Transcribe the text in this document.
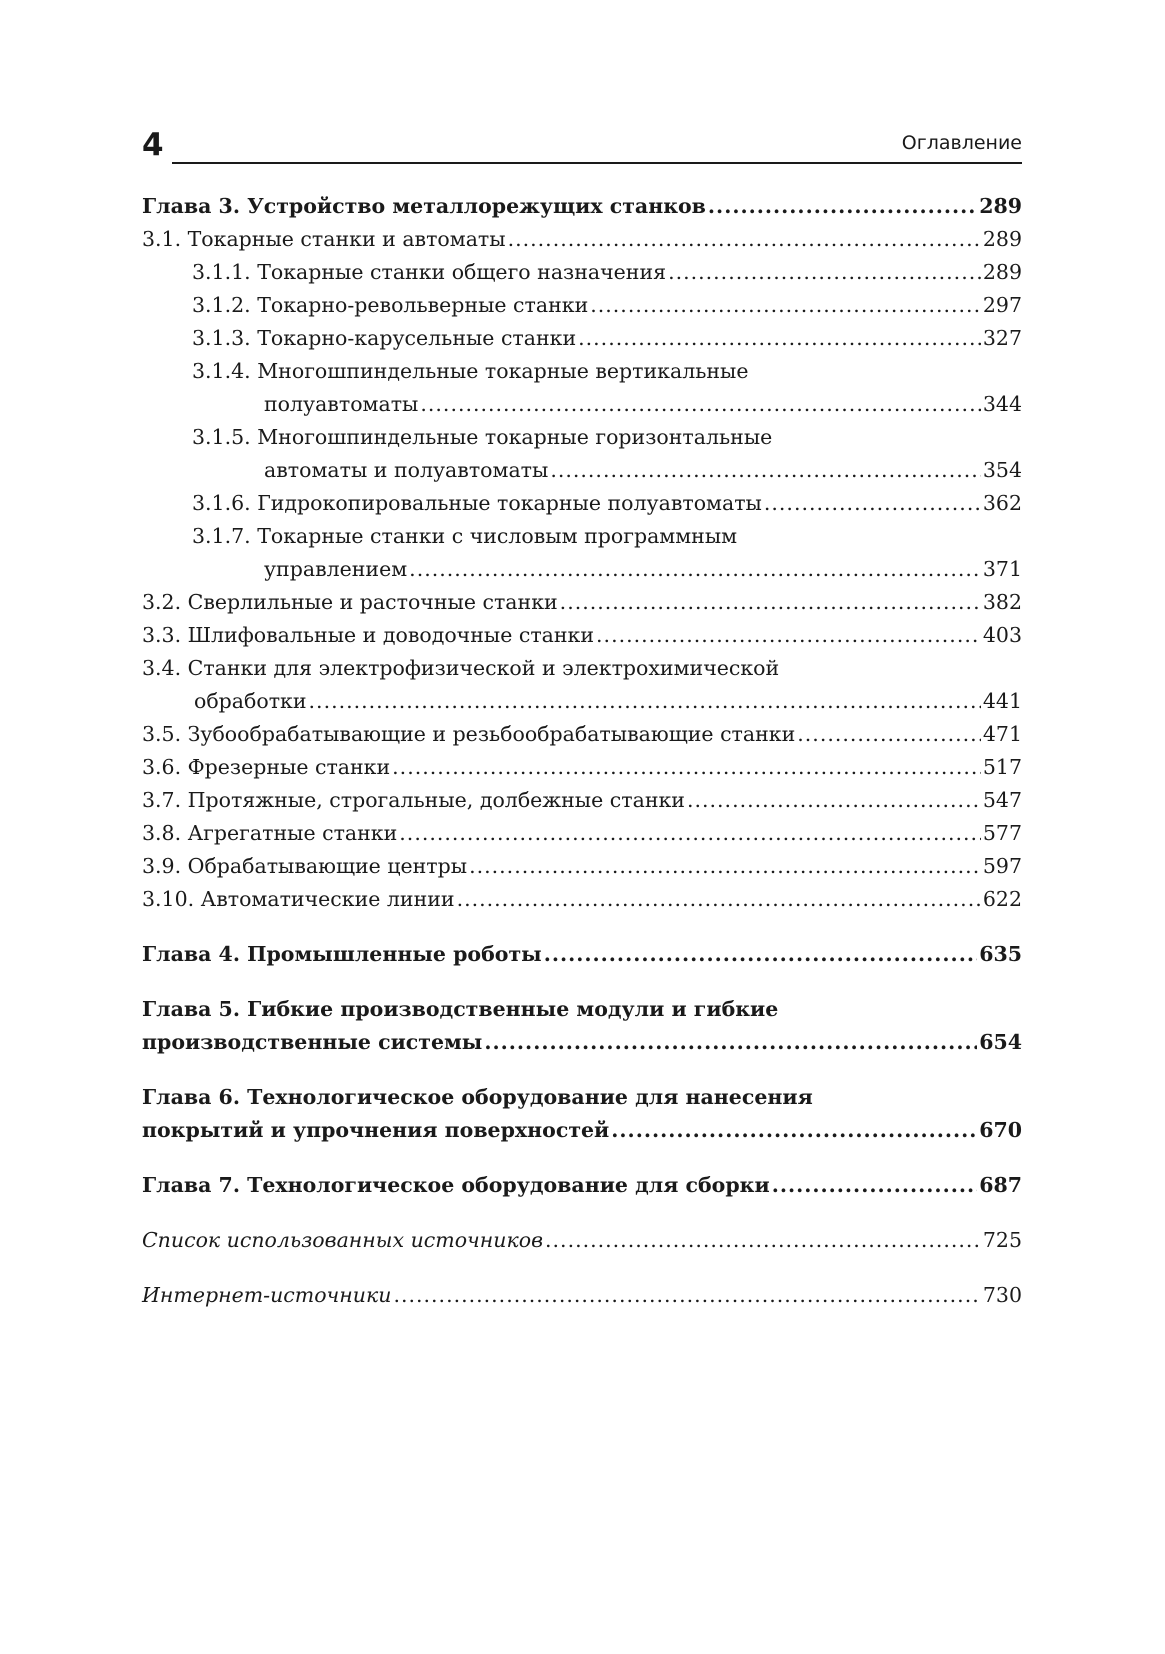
4	Оглавление
Глава 3. Устройство металлорежущих станков .....	289
3.1. Токарные станки и автоматы .....	289
3.1.1. Токарные станки общего назначения .....	289
3.1.2. Токарно-револьверные станки .....	297
3.1.3. Токарно-карусельные станки .....	327
3.1.4. Многошпиндельные токарные вертикальные
полуавтоматы .....	344
3.1.5. Многошпиндельные токарные горизонтальные
автоматы и полуавтоматы .....	354
3.1.6. Гидрокопировальные токарные полуавтоматы .....	362
3.1.7. Токарные станки с числовым программным
управлением .....	371
3.2. Сверлильные и расточные станки .....	382
3.3. Шлифовальные и доводочные станки .....	403
3.4. Станки для электрофизической и электрохимической
обработки .....	441
3.5. Зубообрабатывающие и резьбообрабатывающие станки .....	471
3.6. Фрезерные станки .....	517
3.7. Протяжные, строгальные, долбежные станки .....	547
3.8. Агрегатные станки .....	577
3.9. Обрабатывающие центры .....	597
3.10. Автоматические линии .....	622
Глава 4. Промышленные роботы .....	635
Глава 5. Гибкие производственные модули и гибкие
производственные системы .....	654
Глава 6. Технологическое оборудование для нанесения
покрытий и упрочнения поверхностей .....	670
Глава 7. Технологическое оборудование для сборки .....	687
Список использованных источников .....	725
Интернет-источники .....	730
